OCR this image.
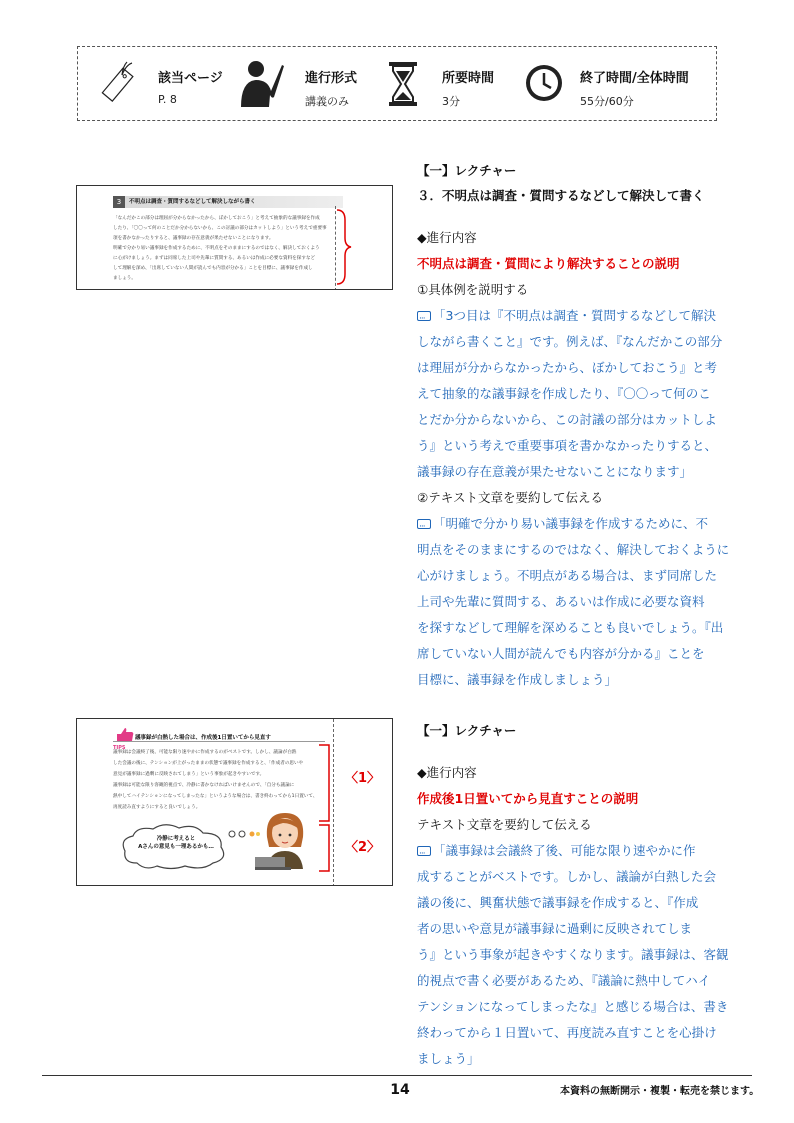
該当ページ
P. 8
進行形式
講義のみ
所要時間
3分
終了時間/全体時間
55分/60分
3	不明点は調査・質問するなどして解決しながら書く
「なんだかこの部分は理屈が分からなかったから、ぼかしておこう」と考えて抽象的な議事録を作成
したり、「〇〇って何のことだか分からないから、この討議の部分はカットしよう」という考えで重要事
項を書かなかったりすると、議事録の存在意義が果たせないことになります。
明確で分かり易い議事録を作成するために、不明点をそのままにするのではなく、解決しておくよう
に心がけましょう。まずは同席した上司や先輩に質問する、あるいは作成に必要な資料を探すなど
して理解を深め、「出席していない人間が読んでも内容が分かる」ことを目標に、議事録を作成し
ましょう。
【一】レクチャー
３．不明点は調査・質問するなどして解決して書く
◆進行内容
不明点は調査・質問により解決することの説明
①具体例を説明する
···「3つ目は『不明点は調査・質問するなどして解決
しながら書くこと』です。例えば、『なんだかこの部分
は理屈が分からなかったから、ぼかしておこう』と考
えて抽象的な議事録を作成したり、『〇〇って何のこ
とだか分からないから、この討議の部分はカットしよ
う』という考えで重要事項を書かなかったりすると、
議事録の存在意義が果たせないことになります」
②テキスト文章を要約して伝える
···「明確で分かり易い議事録を作成するために、不
明点をそのままにするのではなく、解決しておくように
心がけましょう。不明点がある場合は、まず同席した
上司や先輩に質問する、あるいは作成に必要な資料
を探すなどして理解を深めることも良いでしょう。『出
席していない人間が読んでも内容が分かる』ことを
目標に、議事録を作成しましょう」
TIPS
議事録が白熱した場合は、作成後1日置いてから見直す
議事録は会議終了後、可能な限り速やかに作成するのがベストです。しかし、議論が白熱
した会議の後に、テンションが上がったままの状態で議事録を作成すると、「作成者の思いや
意見が議事録に過剰に反映されてしまう」という事象が起きやすいです。
議事録は可能な限り客観的視点で、冷静に書かなければいけませんので、「自分も議論に
熱中してハイテンションになってしまったな」というような場合は、書き終わってから1日置いて、
再度読み直すようにすると良いでしょう。
冷静に考えると
Aさんの意見も一理あるかも…
〈1〉
〈2〉
【一】レクチャー
◆進行内容
作成後1日置いてから見直すことの説明
テキスト文章を要約して伝える
···「議事録は会議終了後、可能な限り速やかに作
成することがベストです。しかし、議論が白熱した会
議の後に、興奮状態で議事録を作成すると、『作成
者の思いや意見が議事録に過剰に反映されてしま
う』という事象が起きやすくなります。議事録は、客観
的視点で書く必要があるため、『議論に熱中してハイ
テンションになってしまったな』と感じる場合は、書き
終わってから１日置いて、再度読み直すことを心掛け
ましょう」
14	本資料の無断開示・複製・転売を禁じます。
